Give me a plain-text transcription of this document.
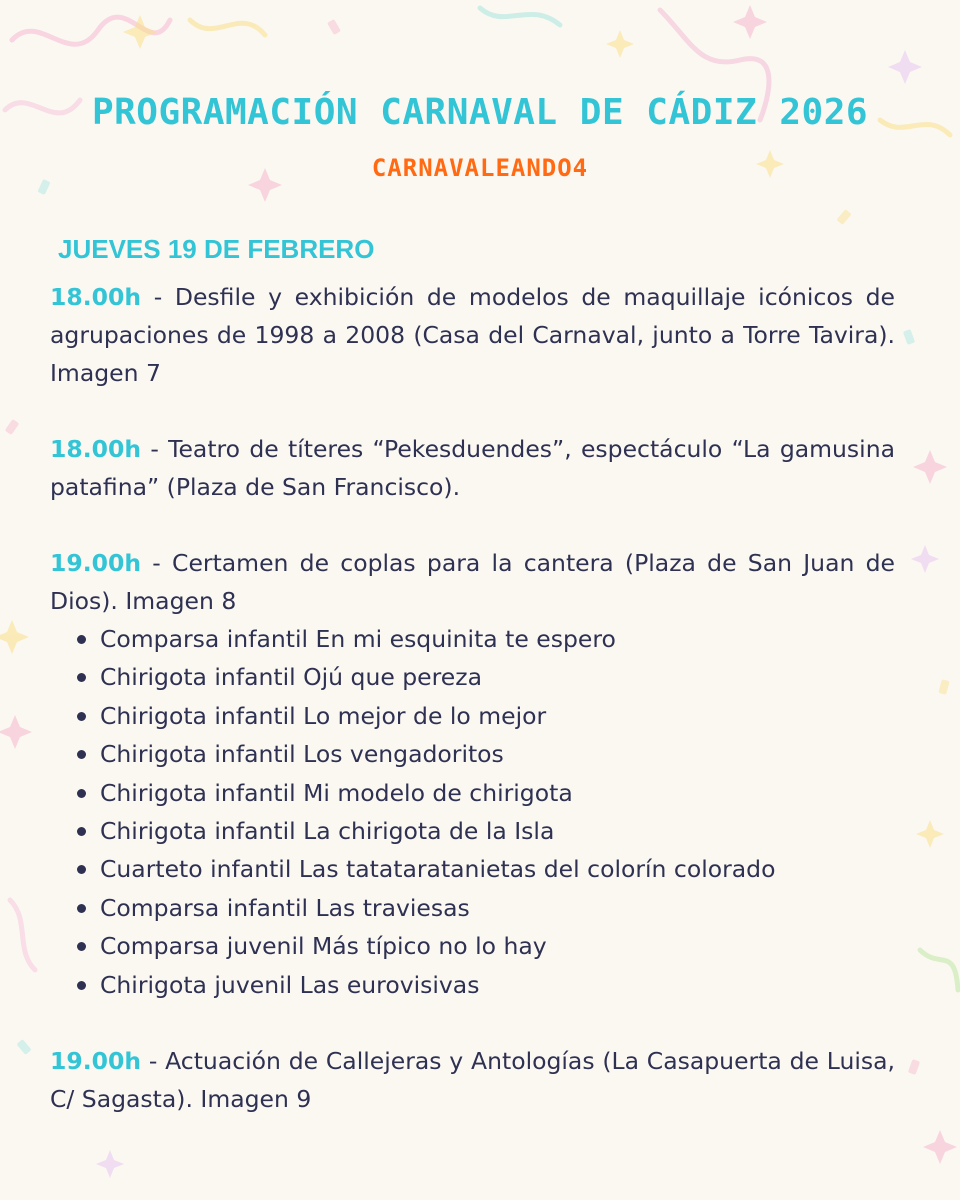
PROGRAMACIÓN CARNAVAL DE CÁDIZ 2026
CARNAVALEANDO4
JUEVES 19 DE FEBRERO

18.00h - Desfile y exhibición de modelos de maquillaje icónicos de agrupaciones de 1998 a 2008 (Casa del Carnaval, junto a Torre Tavira). Imagen 7

18.00h - Teatro de títeres “Pekesduendes”, espectáculo “La gamusina patafina” (Plaza de San Francisco).

19.00h - Certamen de coplas para la cantera (Plaza de San Juan de Dios). Imagen 8

Comparsa infantil En mi esquinita te espero
Chirigota infantil Ojú que pereza
Chirigota infantil Lo mejor de lo mejor
Chirigota infantil Los vengadoritos
Chirigota infantil Mi modelo de chirigota
Chirigota infantil La chirigota de la Isla
Cuarteto infantil Las tatataratanietas del colorín colorado
Comparsa infantil Las traviesas
Comparsa juvenil Más típico no lo hay
Chirigota juvenil Las eurovisivas

19.00h - Actuación de Callejeras y Antologías (La Casapuerta de Luisa, C/ Sagasta). Imagen 9
